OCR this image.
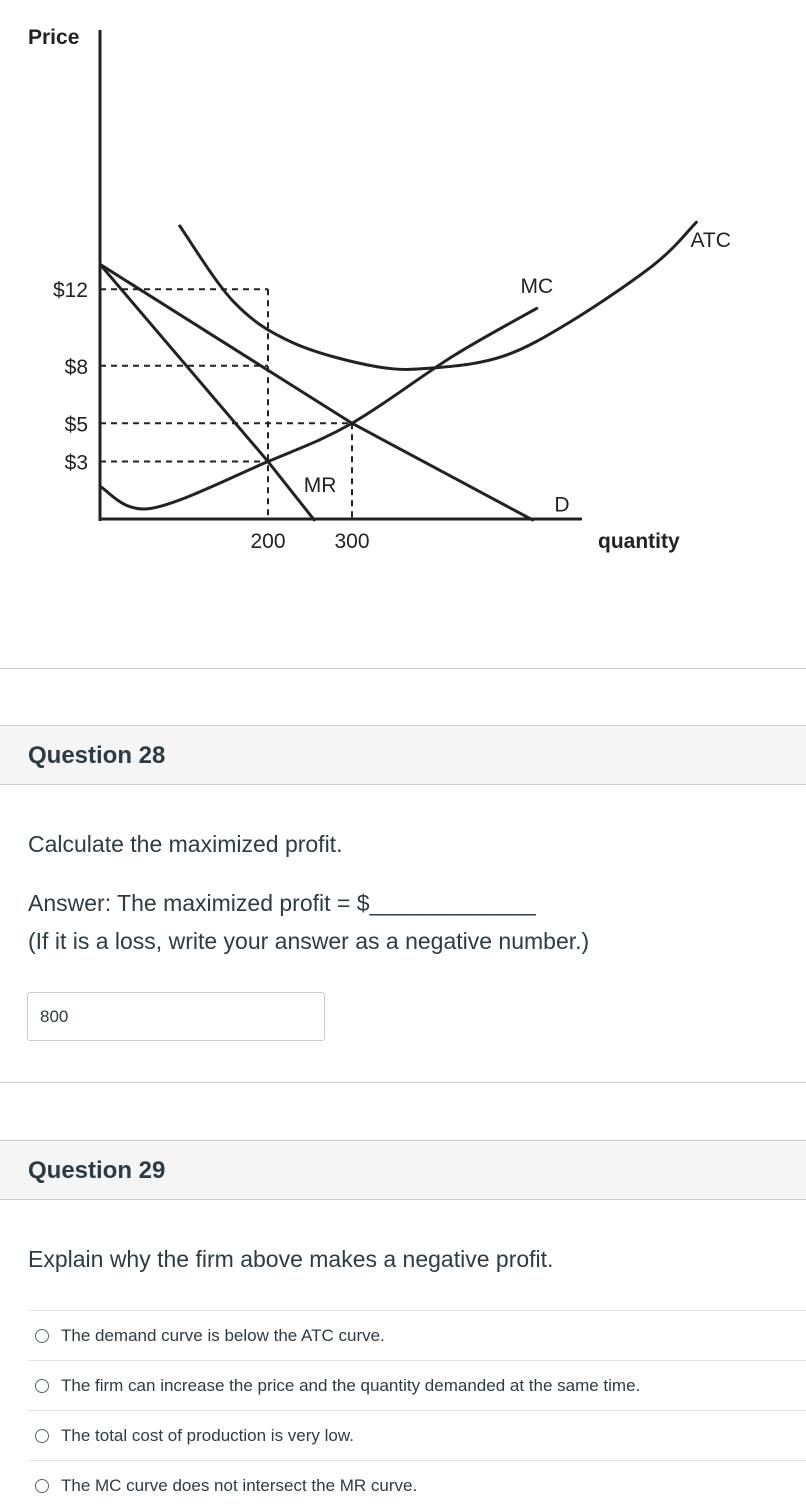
Price
quantity
$12
$8
$5
$3
200 300
ATC
MC
MR
D
Question 28
Calculate the maximized profit.
Answer: The maximized profit = $_____________
(If it is a loss, write your answer as a negative number.)
800
Question 29
Explain why the firm above makes a negative profit.
The demand curve is below the ATC curve.
The firm can increase the price and the quantity demanded at the same time.
The total cost of production is very low.
The MC curve does not intersect the MR curve.
